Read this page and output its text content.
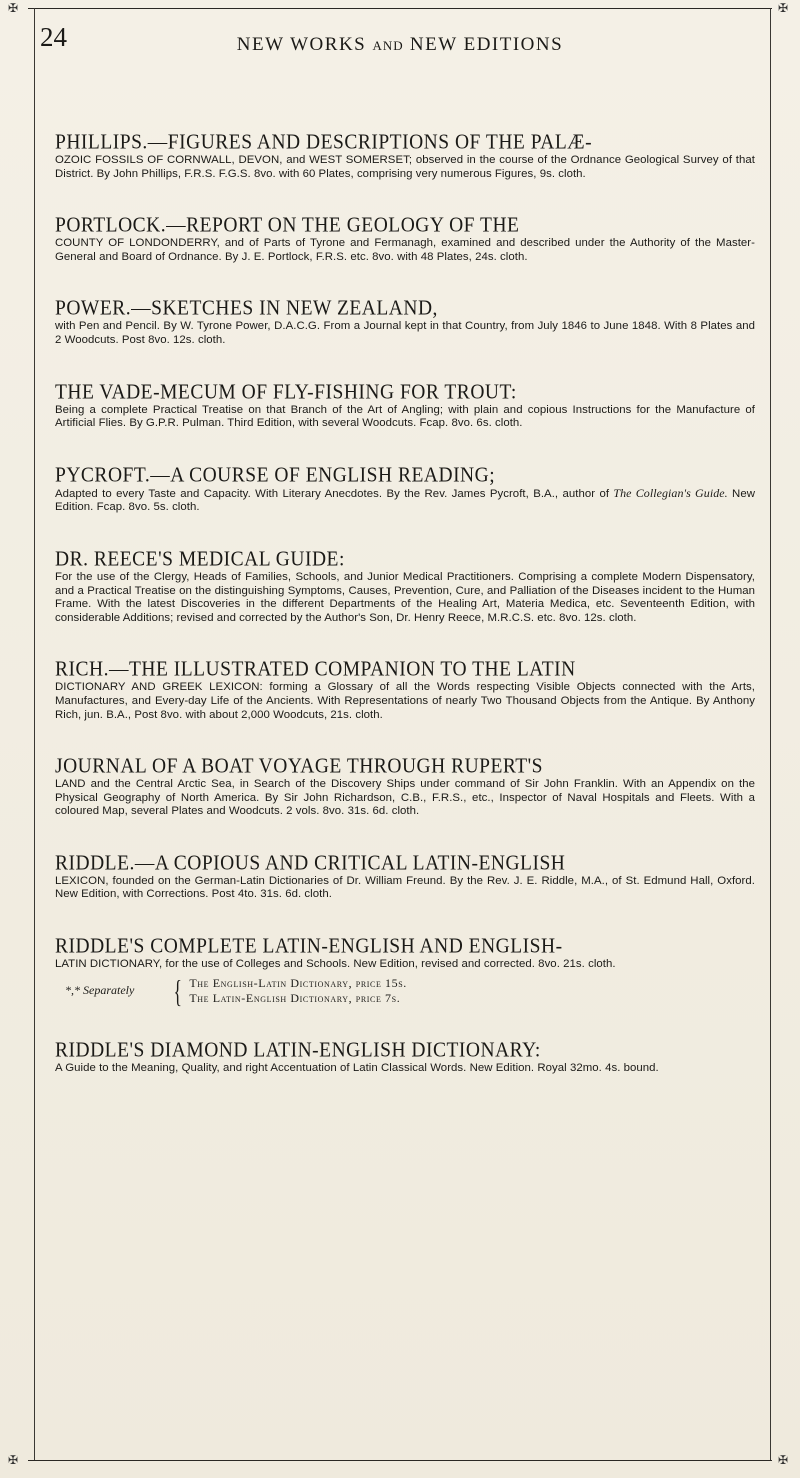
✠	✠
✠	✠
24	NEW WORKS AND NEW EDITIONS
PHILLIPS.—FIGURES AND DESCRIPTIONS OF THE PALÆ-

OZOIC FOSSILS OF CORNWALL, DEVON, and WEST SOMERSET; observed in the course of the Ordnance Geological Survey of that District. By John Phillips, F.R.S. F.G.S. 8vo. with 60 Plates, comprising very numerous Figures, 9s. cloth.

PORTLOCK.—REPORT ON THE GEOLOGY OF THE

COUNTY OF LONDONDERRY, and of Parts of Tyrone and Fermanagh, examined and described under the Authority of the Master-General and Board of Ordnance. By J. E. Portlock, F.R.S. etc. 8vo. with 48 Plates, 24s. cloth.

POWER.—SKETCHES IN NEW ZEALAND,

with Pen and Pencil. By W. Tyrone Power, D.A.C.G. From a Journal kept in that Country, from July 1846 to June 1848. With 8 Plates and 2 Woodcuts. Post 8vo. 12s. cloth.

THE VADE-MECUM OF FLY-FISHING FOR TROUT:

Being a complete Practical Treatise on that Branch of the Art of Angling; with plain and copious Instructions for the Manufacture of Artificial Flies. By G.P.R. Pulman. Third Edition, with several Woodcuts. Fcap. 8vo. 6s. cloth.

PYCROFT.—A COURSE OF ENGLISH READING;

Adapted to every Taste and Capacity. With Literary Anecdotes. By the Rev. James Pycroft, B.A., author of The Collegian's Guide. New Edition. Fcap. 8vo. 5s. cloth.

DR. REECE'S MEDICAL GUIDE:

For the use of the Clergy, Heads of Families, Schools, and Junior Medical Practitioners. Comprising a complete Modern Dispensatory, and a Practical Treatise on the distinguishing Symptoms, Causes, Prevention, Cure, and Palliation of the Diseases incident to the Human Frame. With the latest Discoveries in the different Departments of the Healing Art, Materia Medica, etc. Seventeenth Edition, with considerable Additions; revised and corrected by the Author's Son, Dr. Henry Reece, M.R.C.S. etc. 8vo. 12s. cloth.

RICH.—THE ILLUSTRATED COMPANION TO THE LATIN

DICTIONARY AND GREEK LEXICON: forming a Glossary of all the Words respecting Visible Objects connected with the Arts, Manufactures, and Every-day Life of the Ancients. With Representations of nearly Two Thousand Objects from the Antique. By Anthony Rich, jun. B.A., Post 8vo. with about 2,000 Woodcuts, 21s. cloth.

JOURNAL OF A BOAT VOYAGE THROUGH RUPERT'S

LAND and the Central Arctic Sea, in Search of the Discovery Ships under command of Sir John Franklin. With an Appendix on the Physical Geography of North America. By Sir John Richardson, C.B., F.R.S., etc., Inspector of Naval Hospitals and Fleets. With a coloured Map, several Plates and Woodcuts. 2 vols. 8vo. 31s. 6d. cloth.

RIDDLE.—A COPIOUS AND CRITICAL LATIN-ENGLISH

LEXICON, founded on the German-Latin Dictionaries of Dr. William Freund. By the Rev. J. E. Riddle, M.A., of St. Edmund Hall, Oxford. New Edition, with Corrections. Post 4to. 31s. 6d. cloth.

RIDDLE'S COMPLETE LATIN-ENGLISH AND ENGLISH-

LATIN DICTIONARY, for the use of Colleges and Schools. New Edition, revised and corrected. 8vo. 21s. cloth.

*,* Separately	{ The English-Latin Dictionary, price 15s.
The Latin-English Dictionary, price 7s.
RIDDLE'S DIAMOND LATIN-ENGLISH DICTIONARY:

A Guide to the Meaning, Quality, and right Accentuation of Latin Classical Words. New Edition. Royal 32mo. 4s. bound.
